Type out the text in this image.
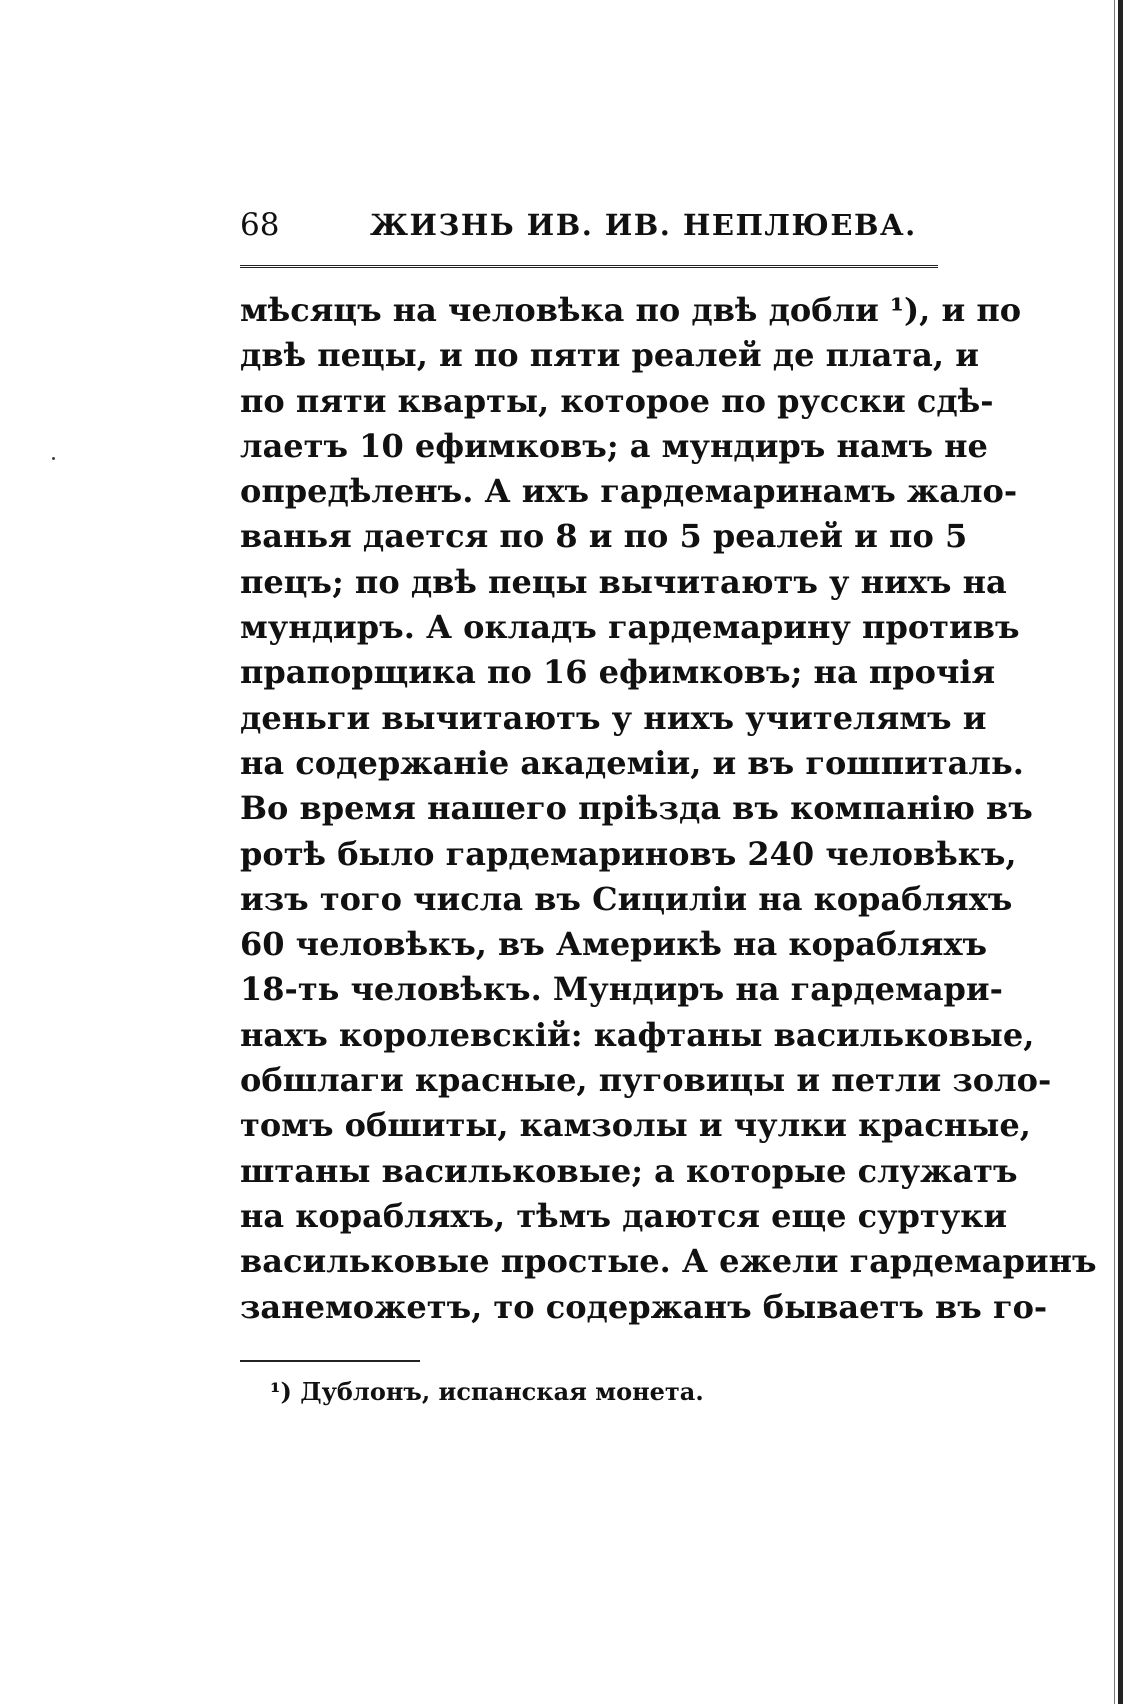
68	ЖИЗНЬ ИВ. ИВ. НЕПЛЮЕВА.
мѣсяцъ на человѣка по двѣ добли ¹), и по
двѣ пецы, и по пяти реалей де плата, и
по пяти кварты, которое по русски сдѣ-
лаетъ 10 ефимковъ; а мундиръ намъ не
опредѣленъ. А ихъ гардемаринамъ жало-
ванья дается по 8 и по 5 реалей и по 5
пецъ; по двѣ пецы вычитаютъ у нихъ на
мундиръ. А окладъ гардемарину противъ
прапорщика по 16 ефимковъ; на прочія
деньги вычитаютъ у нихъ учителямъ и
на содержаніе академіи, и въ гошпиталь.
Во время нашего пріѣзда въ компанію въ
ротѣ было гардемариновъ 240 человѣкъ,
изъ того числа въ Сициліи на корабляхъ
60 человѣкъ, въ Америкѣ на корабляхъ
18-ть человѣкъ. Мундиръ на гардемари-
нахъ королевскій: кафтаны васильковые,
обшлаги красные, пуговицы и петли золо-
томъ обшиты, камзолы и чулки красные,
штаны васильковые; а которые служатъ
на корабляхъ, тѣмъ даются еще суртуки
васильковые простые. А ежели гардемаринъ
занеможетъ, то содержанъ бываетъ въ го-
¹) Дублонъ, испанская монета.
